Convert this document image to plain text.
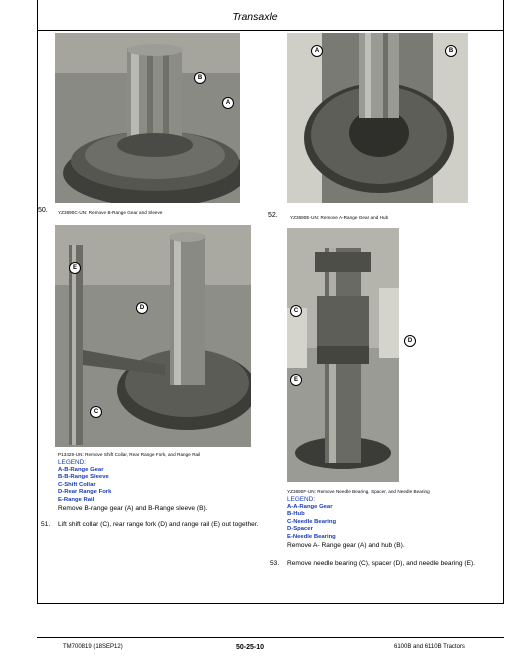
Transaxle
B
A
50. YZ3690C-UN: Remove B-Range Gear and Sleeve
A	B
52.	YZ3690E-UN: Remove A-Range Gear and Hub
E
D
C
P13429-UN: Remove Shift Collar, Rear Range Fork, and Range Rail
LEGEND:
A-B-Range Gear
B-B-Range Sleeve
C-Shift Collar
D-Rear Range Fork
E-Range Rail
Remove B-range gear (A) and B-Range sleeve (B).
51. Lift shift collar (C), rear range fork (D) and range rail (E) out together.
C
D
E
YZ3690F-UN: Remove Needle Bearing, Spacer, and Needle Bearing
LEGEND:
A-A-Range Gear
B-Hub
C-Needle Bearing
D-Spacer
E-Needle Bearing
Remove A- Range gear (A) and hub (B).
53. Remove needle bearing (C), spacer (D), and needle bearing (E).
TM700819 (18SEP12)	50-25-10	6100B and 6110B Tractors
